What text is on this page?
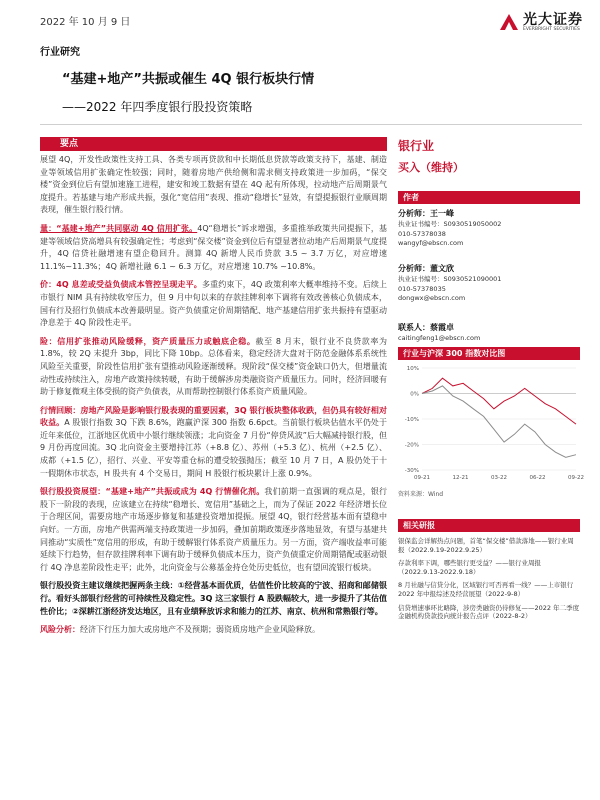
2022 年 10 月 9 日	光大证券
EVERBRIGHT SECURITIES
行业研究
“基建+地产”共振或催生 4Q 银行板块行情
——2022 年四季度银行股投资策略
要点

展望 4Q，开发性政策性支持工具、各类专项再贷款和中长期低息贷款等政策支持下，基建、制造业等领域信用扩张确定性较强；同时，随着房地产供给侧和需求侧支持政策进一步加码，“保交楼”资金到位后有望加速施工进程，建安和竣工数据有望在 4Q 起有所体现，拉动地产后周期景气度提升。若基建与地产形成共振，强化“宽信用”表现、推动“稳增长”显效，有望提振银行业顺周期表现，催生银行股行情。

量：“基建+地产”共同驱动 4Q 信用扩张。4Q“稳增长”诉求增强，多重推举政策共同提振下，基建等领域信贷高增具有较强确定性；考虑到“保交楼”资金到位后有望显著拉动地产后周期景气度提升，4Q 信贷社融增速有望企稳回升。测算 4Q 新增人民币贷款 3.5 ~ 3.7 万亿，对应增速 11.1%~11.3%；4Q 新增社融 6.1 ~ 6.3 万亿，对应增速 10.7% ~10.8%。

价：4Q 息差或受益负债成本管控呈现走平。多重约束下，4Q 政策利率大概率维持不变。后续上市银行 NIM 具有持续收窄压力，但 9 月中旬以来的存款挂牌利率下调将有效改善核心负债成本，国有行及招行负债成本改善最明显。资产负债重定价周期错配、地产基建信用扩张共振持有望驱动净息差于 4Q 阶段性走平。

险：信用扩张推动风险缓释，资产质量压力或触底企稳。截至 8 月末，银行业不良贷款率为 1.8%，较 2Q 末提升 3bp，同比下降 10bp。总体看来，稳定经济大盘对于防范金融体系系统性风险至关重要，阶段性信用扩张有望推动风险逐渐缓释。现阶段“保交楼”资金缺口仍大，但增量流动性或持续注入，房地产政策持续转暖，有助于缓解涉房类融资资产质量压力。同时，经济回暖有助于修复微观主体受损的资产负债表，从而帮助控制银行体系资产质量风险。

行情回顾：房地产风险是影响银行股表现的重要因素，3Q 银行板块整体收跌，但仍具有较好相对收益。A 股银行指数 3Q 下跌 8.6%，跑赢沪深 300 指数 6.6pct。当前银行板块估值水平仍处于近年来低位，江浙地区优质中小银行继续领涨；北向资金 7 月份“停贷风波”后大幅减持银行股，但 9 月份再度回流。3Q 北向资金主要增持江苏（+8.8 亿）、苏州（+5.3 亿）、杭州（+2.5 亿）、成都（+1.5 亿），招行、兴业、平安等重仓标的遭受较强抛压；截至 10 月 7 日，A 股仍处于十一假期休市状态，H 股共有 4 个交易日，期间 H 股银行板块累计上涨 0.9%。

银行股投资展望：“基建+地产”共振或成为 4Q 行情催化剂。我们前期一直强调的观点是，银行股下一阶段的表现，应该建立在持续“稳增长、宽信用”基础之上，而为了保证 2022 年经济增长位于合理区间，需要房地产市场逐步修复和基建投资增加提振。展望 4Q，银行经营基本面有望稳中向好。一方面，房地产供需两端支持政策进一步加码，叠加前期政策逐步落地显效，有望与基建共同推动“实质性”宽信用的形成，有助于缓解银行体系资产质量压力。另一方面，资产端收益率可能延续下行趋势，但存款挂牌利率下调有助于缓释负债成本压力，资产负债重定价周期错配或驱动银行 4Q 净息差阶段性走平；此外，北向资金与公募基金持仓处历史低位，也有望回流银行板块。

银行股投资主建议继续把握两条主线：①经营基本面优质，估值性价比较高的宁波、招商和邮储银行。看好头部银行经营的可持续性及稳定性。3Q 这三家银行 A 股跌幅较大，进一步提升了其估值性价比；②深耕江浙经济发达地区，且有业绩释放诉求和能力的江苏、南京、杭州和常熟银行等。

风险分析：经济下行压力加大或房地产不及预期；弱资质房地产企业风险释放。

银行业
买入（维持）
作者
分析师：王一峰
执业证书编号：S0930519050002
010-57378038
wangyf@ebscn.com
分析师：董文欣
执业证书编号：S0930521090001
010-57378035
dongwx@ebscn.com
联系人：蔡霞卓
caitingfeng1@ebscn.com
行业与沪深 300 指数对比图
10%
0%
-10%
-20%
-30%
09-21	12-21	03-22	06-22	09-22
资料来源：Wind
相关研报

银保监会详解热点问题，首笔“保交楼”借款落地——银行业周报（2022.9.19-2022.9.25）

存款利率下调，哪些银行更受益？——银行业周报（2022.9.13-2022.9.18）

8 月社融与信贷分化，区域银行可否再看一线？——上市银行 2022 年中报综述及经营展望（2022-9-8）

信贷增速事环比略降，涉房类融资仍待修复——2022 年二季度金融机构贷款投向统计报告点评（2022-8-2）
